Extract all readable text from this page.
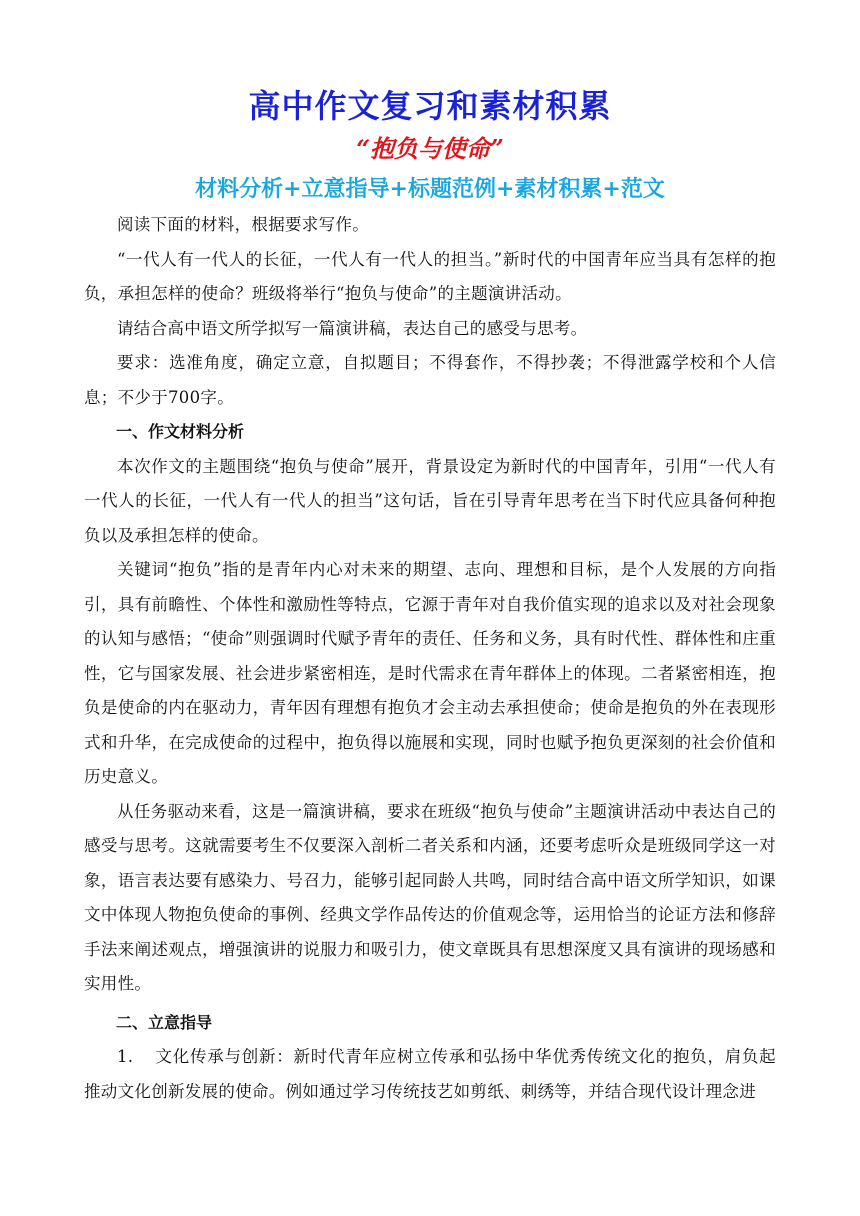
高中作文复习和素材积累
“抱负与使命”
材料分析+立意指导+标题范例+素材积累+范文

阅读下面的材料，根据要求写作。

“一代人有一代人的长征，一代人有一代人的担当。”新时代的中国青年应当具有怎样的抱负，承担怎样的使命？班级将举行“抱负与使命”的主题演讲活动。

请结合高中语文所学拟写一篇演讲稿，表达自己的感受与思考。

要求：选准角度，确定立意，自拟题目；不得套作，不得抄袭；不得泄露学校和个人信息；不少于700字。

一、作文材料分析

本次作文的主题围绕“抱负与使命”展开，背景设定为新时代的中国青年，引用“一代人有一代人的长征，一代人有一代人的担当”这句话，旨在引导青年思考在当下时代应具备何种抱负以及承担怎样的使命。

关键词“抱负”指的是青年内心对未来的期望、志向、理想和目标，是个人发展的方向指引，具有前瞻性、个体性和激励性等特点，它源于青年对自我价值实现的追求以及对社会现象的认知与感悟；“使命”则强调时代赋予青年的责任、任务和义务，具有时代性、群体性和庄重性，它与国家发展、社会进步紧密相连，是时代需求在青年群体上的体现。二者紧密相连，抱负是使命的内在驱动力，青年因有理想有抱负才会主动去承担使命；使命是抱负的外在表现形式和升华，在完成使命的过程中，抱负得以施展和实现，同时也赋予抱负更深刻的社会价值和历史意义。

从任务驱动来看，这是一篇演讲稿，要求在班级“抱负与使命”主题演讲活动中表达自己的感受与思考。这就需要考生不仅要深入剖析二者关系和内涵，还要考虑听众是班级同学这一对象，语言表达要有感染力、号召力，能够引起同龄人共鸣，同时结合高中语文所学知识，如课文中体现人物抱负使命的事例、经典文学作品传达的价值观念等，运用恰当的论证方法和修辞手法来阐述观点，增强演讲的说服力和吸引力，使文章既具有思想深度又具有演讲的现场感和实用性。

二、立意指导

1. 文化传承与创新：新时代青年应树立传承和弘扬中华优秀传统文化的抱负，肩负起推动文化创新发展的使命。例如通过学习传统技艺如剪纸、刺绣等，并结合现代设计理念进
